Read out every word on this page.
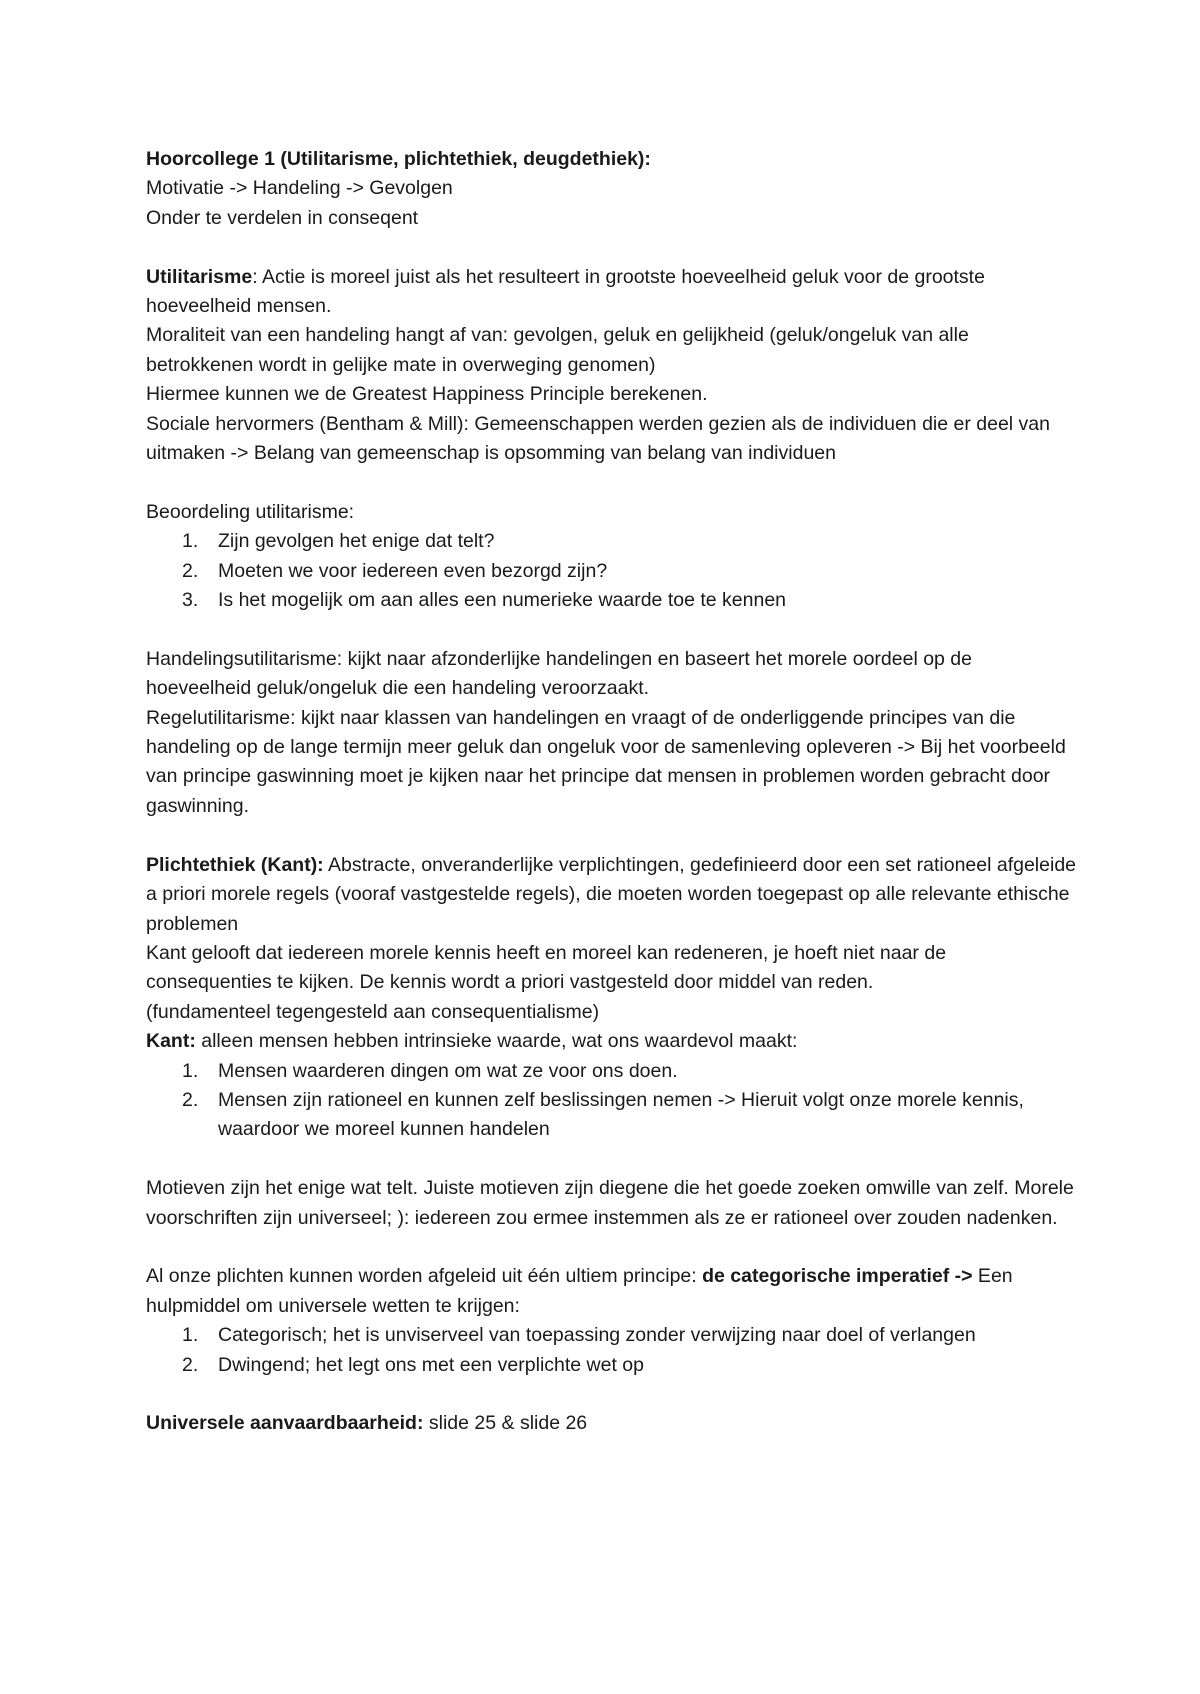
Hoorcollege 1 (Utilitarisme, plichtethiek, deugdethiek):

Motivatie -> Handeling -> Gevolgen

Onder te verdelen in conseqent

Utilitarisme: Actie is moreel juist als het resulteert in grootste hoeveelheid geluk voor de grootste hoeveelheid mensen.

Moraliteit van een handeling hangt af van: gevolgen, geluk en gelijkheid (geluk/ongeluk van alle betrokkenen wordt in gelijke mate in overweging genomen)

Hiermee kunnen we de Greatest Happiness Principle berekenen.

Sociale hervormers (Bentham & Mill): Gemeenschappen werden gezien als de individuen die er deel van uitmaken -> Belang van gemeenschap is opsomming van belang van individuen

Beoordeling utilitarisme:

1. Zijn gevolgen het enige dat telt?
2. Moeten we voor iedereen even bezorgd zijn?
3. Is het mogelijk om aan alles een numerieke waarde toe te kennen

Handelingsutilitarisme: kijkt naar afzonderlijke handelingen en baseert het morele oordeel op de hoeveelheid geluk/ongeluk die een handeling veroorzaakt.

Regelutilitarisme: kijkt naar klassen van handelingen en vraagt of de onderliggende principes van die handeling op de lange termijn meer geluk dan ongeluk voor de samenleving opleveren -> Bij het voorbeeld van principe gaswinning moet je kijken naar het principe dat mensen in problemen worden gebracht door gaswinning.

Plichtethiek (Kant): Abstracte, onveranderlijke verplichtingen, gedefinieerd door een set rationeel afgeleide a priori morele regels (vooraf vastgestelde regels), die moeten worden toegepast op alle relevante ethische problemen

Kant gelooft dat iedereen morele kennis heeft en moreel kan redeneren, je hoeft niet naar de consequenties te kijken. De kennis wordt a priori vastgesteld door middel van reden.

(fundamenteel tegengesteld aan consequentialisme)

Kant: alleen mensen hebben intrinsieke waarde, wat ons waardevol maakt:

1. Mensen waarderen dingen om wat ze voor ons doen.
2. Mensen zijn rationeel en kunnen zelf beslissingen nemen -> Hieruit volgt onze morele kennis, waardoor we moreel kunnen handelen

Motieven zijn het enige wat telt. Juiste motieven zijn diegene die het goede zoeken omwille van zelf. Morele voorschriften zijn universeel; ): iedereen zou ermee instemmen als ze er rationeel over zouden nadenken.

Al onze plichten kunnen worden afgeleid uit één ultiem principe: de categorische imperatief -> Een hulpmiddel om universele wetten te krijgen:

1. Categorisch; het is unviserveel van toepassing zonder verwijzing naar doel of verlangen
2. Dwingend; het legt ons met een verplichte wet op

Universele aanvaardbaarheid: slide 25 & slide 26
